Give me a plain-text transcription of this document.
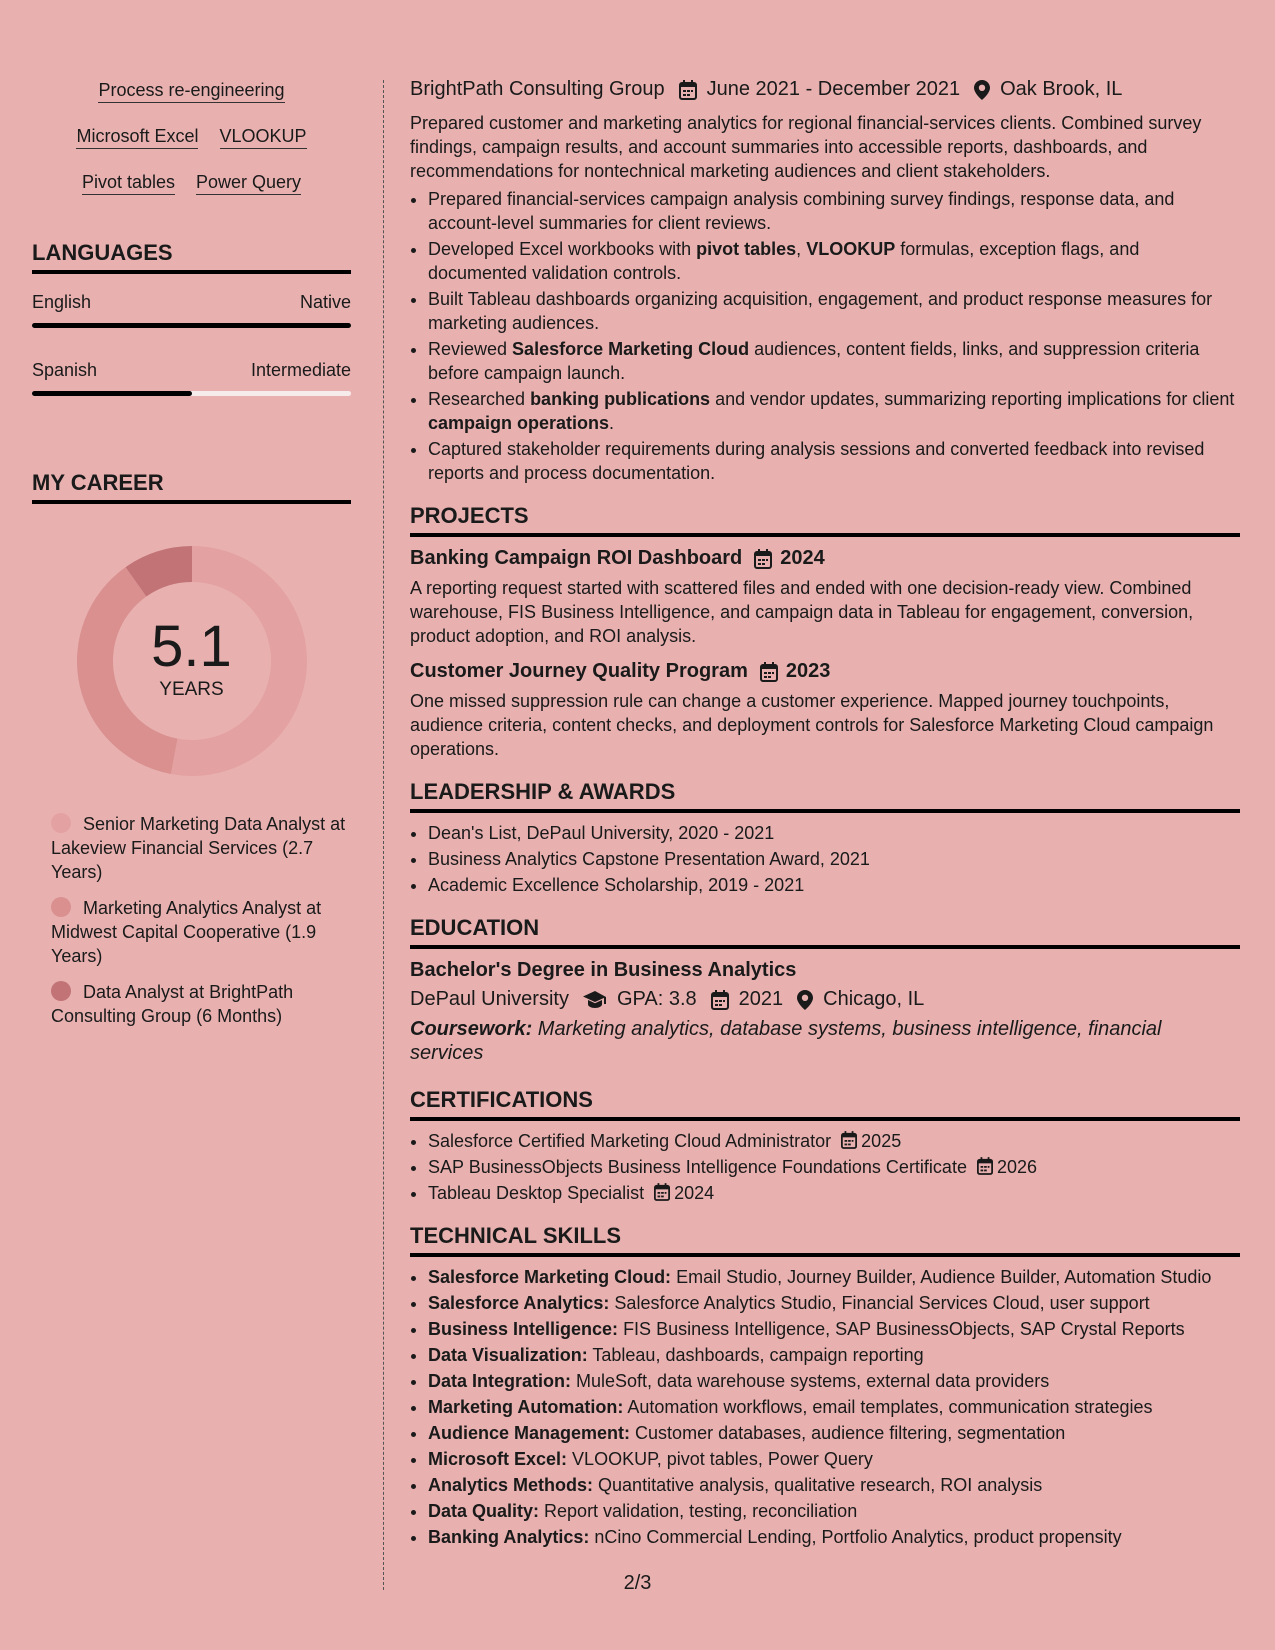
Process re-engineering
Microsoft Excel VLOOKUP
Pivot tables Power Query
LANGUAGES
English	Native
Spanish	Intermediate
MY CAREER
5.1
YEARS
Senior Marketing Data Analyst at Lakeview Financial Services (2.7 Years)
Marketing Analytics Analyst at Midwest Capital Cooperative (1.9 Years)
Data Analyst at BrightPath Consulting Group (6 Months)
BrightPath Consulting Group June 2021 - December 2021 Oak Brook, IL

Prepared customer and marketing analytics for regional financial-services clients. Combined survey findings, campaign results, and account summaries into accessible reports, dashboards, and recommendations for nontechnical marketing audiences and client stakeholders.

• Prepared financial-services campaign analysis combining survey findings, response data, and account-level summaries for client reviews.
• Developed Excel workbooks with pivot tables, VLOOKUP formulas, exception flags, and documented validation controls.
• Built Tableau dashboards organizing acquisition, engagement, and product response measures for marketing audiences.
• Reviewed Salesforce Marketing Cloud audiences, content fields, links, and suppression criteria before campaign launch.
• Researched banking publications and vendor updates, summarizing reporting implications for client campaign operations.
• Captured stakeholder requirements during analysis sessions and converted feedback into revised reports and process documentation.
PROJECTS
Banking Campaign ROI Dashboard 2024

A reporting request started with scattered files and ended with one decision-ready view. Combined warehouse, FIS Business Intelligence, and campaign data in Tableau for engagement, conversion, product adoption, and ROI analysis.

Customer Journey Quality Program 2023

One missed suppression rule can change a customer experience. Mapped journey touchpoints, audience criteria, content checks, and deployment controls for Salesforce Marketing Cloud campaign operations.

LEADERSHIP & AWARDS
• Dean's List, DePaul University, 2020 - 2021
• Business Analytics Capstone Presentation Award, 2021
• Academic Excellence Scholarship, 2019 - 2021
EDUCATION
Bachelor's Degree in Business Analytics
DePaul University GPA: 3.8 2021 Chicago, IL
Coursework: Marketing analytics, database systems, business intelligence, financial services
CERTIFICATIONS
• Salesforce Certified Marketing Cloud Administrator 2025
• SAP BusinessObjects Business Intelligence Foundations Certificate 2026
• Tableau Desktop Specialist 2024
TECHNICAL SKILLS
• Salesforce Marketing Cloud: Email Studio, Journey Builder, Audience Builder, Automation Studio
• Salesforce Analytics: Salesforce Analytics Studio, Financial Services Cloud, user support
• Business Intelligence: FIS Business Intelligence, SAP BusinessObjects, SAP Crystal Reports
• Data Visualization: Tableau, dashboards, campaign reporting
• Data Integration: MuleSoft, data warehouse systems, external data providers
• Marketing Automation: Automation workflows, email templates, communication strategies
• Audience Management: Customer databases, audience filtering, segmentation
• Microsoft Excel: VLOOKUP, pivot tables, Power Query
• Analytics Methods: Quantitative analysis, qualitative research, ROI analysis
• Data Quality: Report validation, testing, reconciliation
• Banking Analytics: nCino Commercial Lending, Portfolio Analytics, product propensity
2/3
